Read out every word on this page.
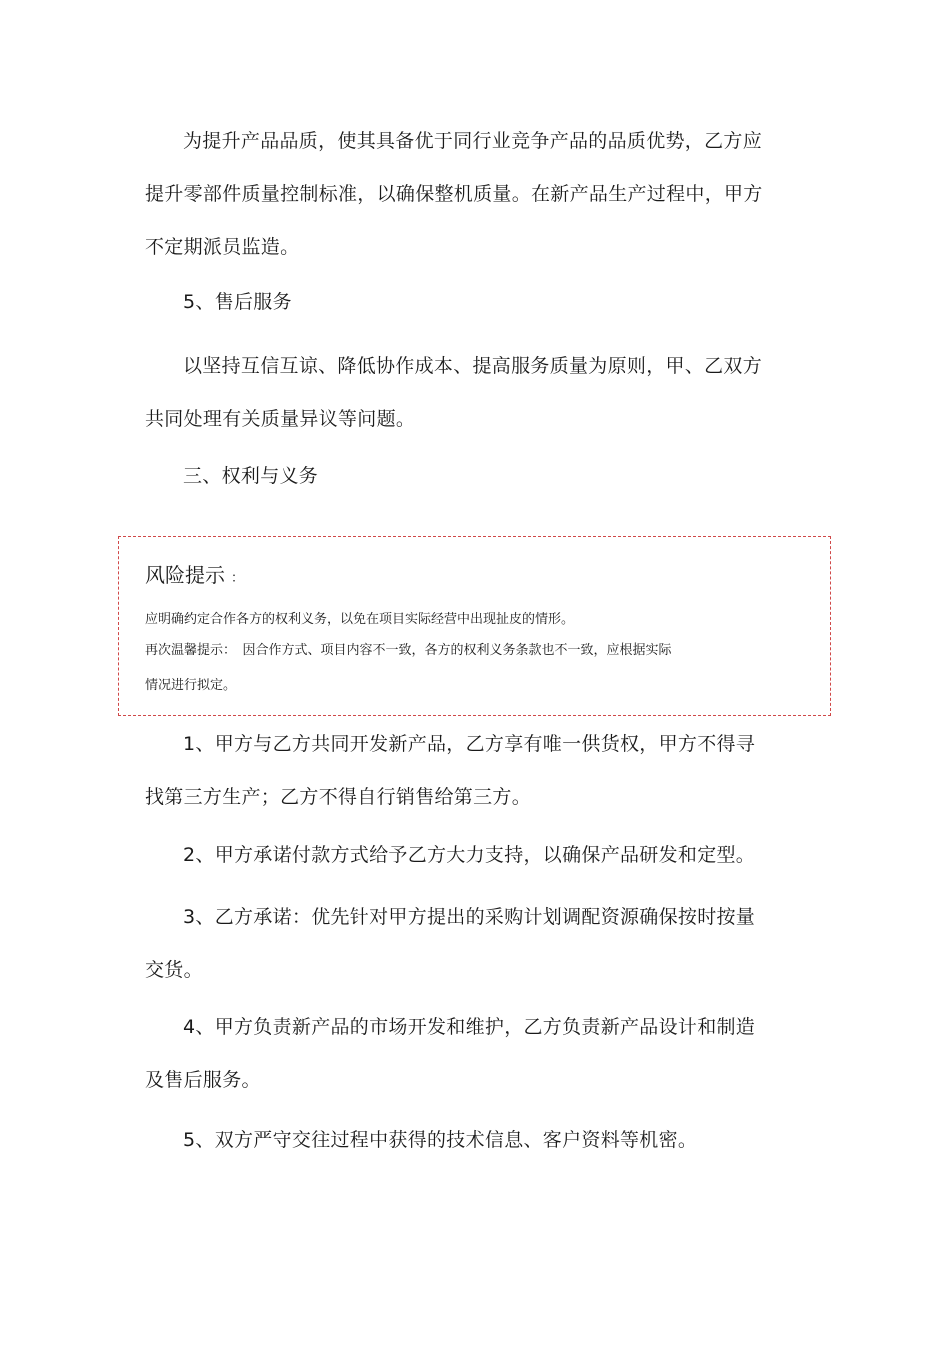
为提升产品品质，使其具备优于同行业竞争产品的品质优势，乙方应提升零部件质量控制标准，以确保整机质量。在新产品生产过程中，甲方不定期派员监造。

5、售后服务

以坚持互信互谅、降低协作成本、提高服务质量为原则，甲、乙双方共同处理有关质量异议等问题。

三、权利与义务

风险提示 ：

应明确约定合作各方的权利义务，以免在项目实际经营中出现扯皮的情形。

再次温馨提示：　因合作方式、项目内容不一致，各方的权利义务条款也不一致，应根据实际

情况进行拟定。

1、甲方与乙方共同开发新产品，乙方享有唯一供货权，甲方不得寻找第三方生产；乙方不得自行销售给第三方。

2、甲方承诺付款方式给予乙方大力支持，以确保产品研发和定型。

3、乙方承诺：优先针对甲方提出的采购计划调配资源确保按时按量交货。

4、甲方负责新产品的市场开发和维护，乙方负责新产品设计和制造及售后服务。

5、双方严守交往过程中获得的技术信息、客户资料等机密。
